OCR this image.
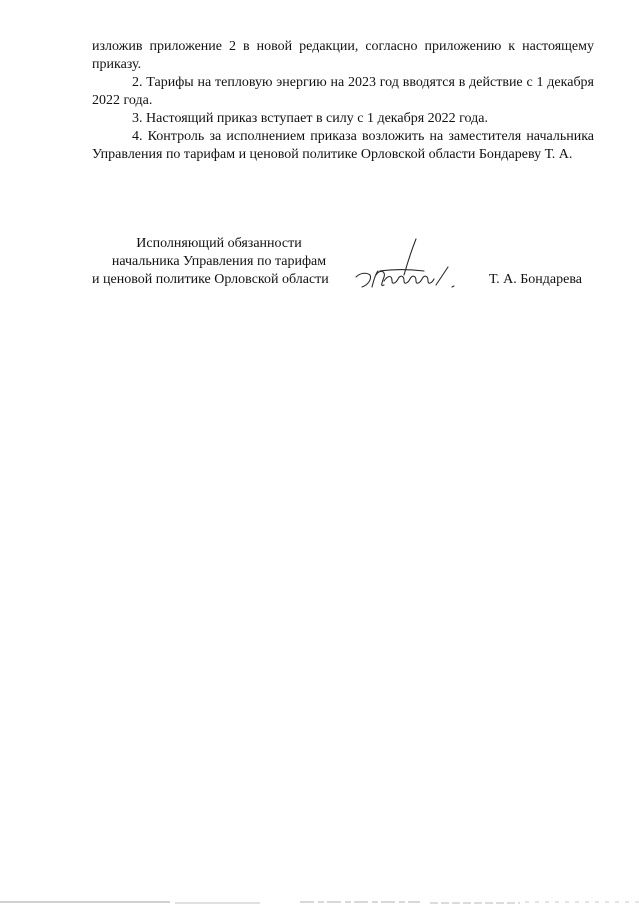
изложив приложение 2 в новой редакции, согласно приложению к настоящему приказу.

2. Тарифы на тепловую энергию на 2023 год вводятся в действие с 1 декабря 2022 года.

3. Настоящий приказ вступает в силу с 1 декабря 2022 года.

4. Контроль за исполнением приказа возложить на заместителя начальника Управления по тарифам и ценовой политике Орловской области Бондареву Т. А.

Исполняющий обязанности
начальника Управления по тарифам
и ценовой политике Орловской области	Т. А. Бондарева
